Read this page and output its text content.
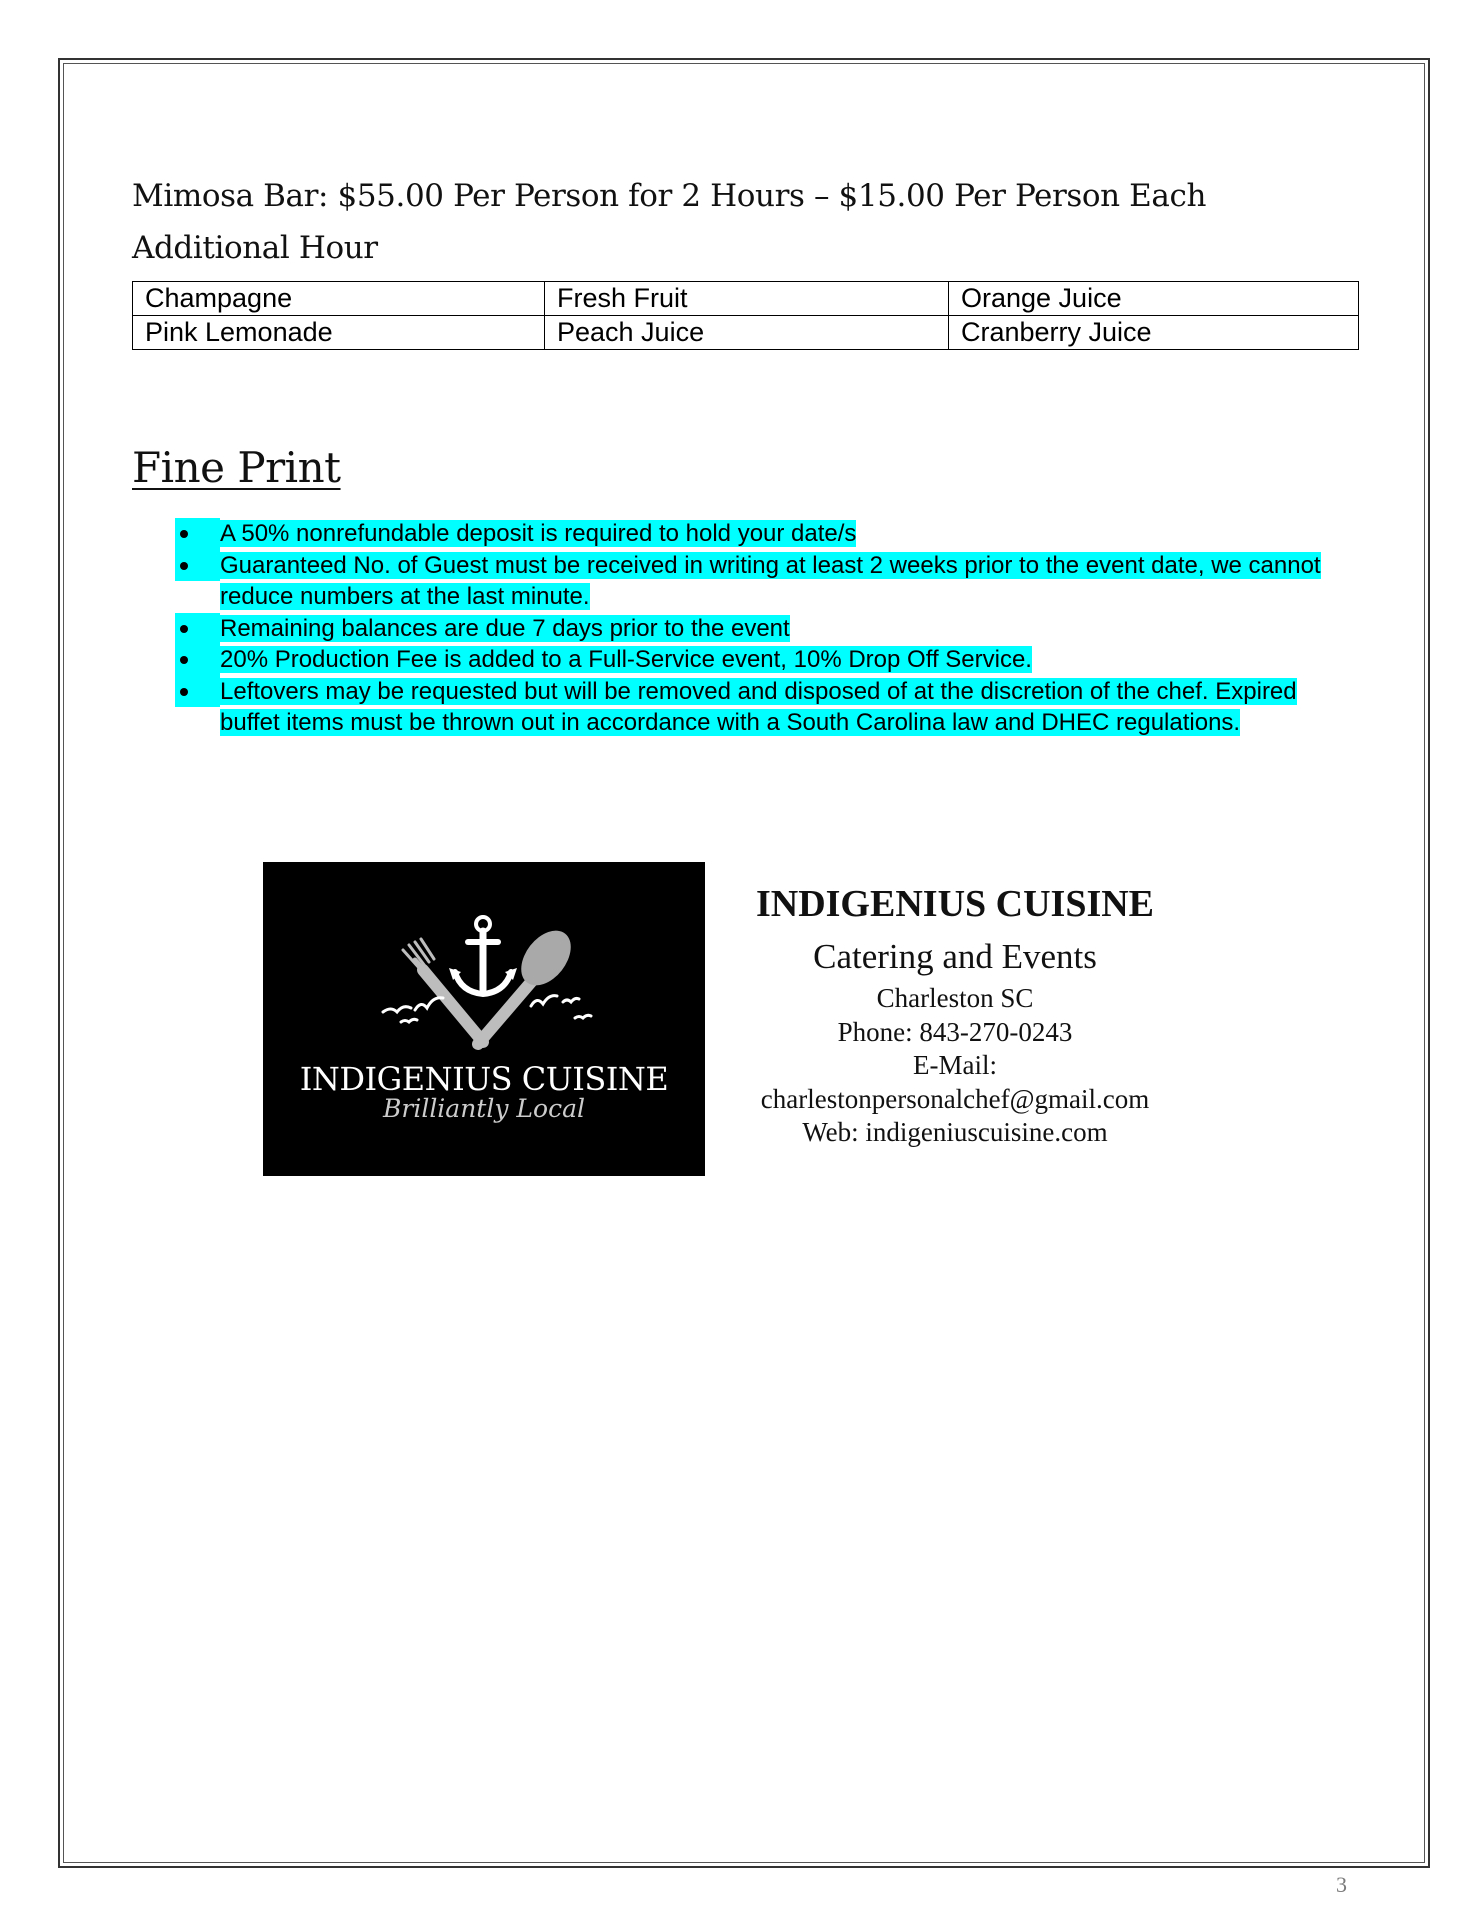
Mimosa Bar: $55.00 Per Person for 2 Hours – $15.00 Per Person Each
Additional Hour
Champagne	Fresh Fruit	Orange Juice
Pink Lemonade	Peach Juice	Cranberry Juice
Fine Print
A 50% nonrefundable deposit is required to hold your date/s
Guaranteed No. of Guest must be received in writing at least 2 weeks prior to the event date, we cannot reduce numbers at the last minute.
Remaining balances are due 7 days prior to the event
20% Production Fee is added to a Full-Service event, 10% Drop Off Service.
Leftovers may be requested but will be removed and disposed of at the discretion of the chef. Expired buffet items must be thrown out in accordance with a South Carolina law and DHEC regulations.
INDIGENIUS CUISINE
Brilliantly Local
INDIGENIUS CUISINE
Catering and Events
Charleston SC
Phone: 843-270-0243
E-Mail:
charlestonpersonalchef@gmail.com
Web: indigeniuscuisine.com
3
